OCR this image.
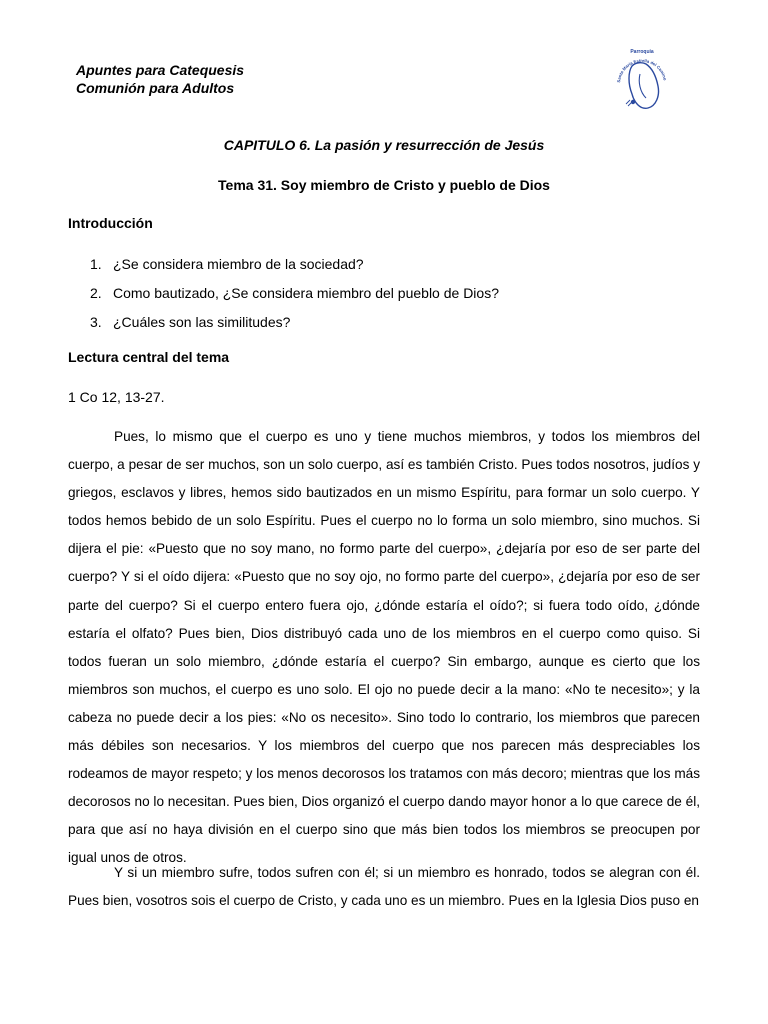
Apuntes para Catequesis
Comunión para Adultos
Parroquia
Santa María Estrella del Camino
CAPITULO 6. La pasión y resurrección de Jesús
Tema 31. Soy miembro de Cristo y pueblo de Dios
Introducción
1. ¿Se considera miembro de la sociedad?
2. Como bautizado, ¿Se considera miembro del pueblo de Dios?
3. ¿Cuáles son las similitudes?
Lectura central del tema
1 Co 12, 13-27.

Pues, lo mismo que el cuerpo es uno y tiene muchos miembros, y todos los miembros del cuerpo, a pesar de ser muchos, son un solo cuerpo, así es también Cristo. Pues todos nosotros, judíos y griegos, esclavos y libres, hemos sido bautizados en un mismo Espíritu, para formar un solo cuerpo. Y todos hemos bebido de un solo Espíritu. Pues el cuerpo no lo forma un solo miembro, sino muchos. Si dijera el pie: «Puesto que no soy mano, no formo parte del cuerpo», ¿dejaría por eso de ser parte del cuerpo? Y si el oído dijera: «Puesto que no soy ojo, no formo parte del cuerpo», ¿dejaría por eso de ser parte del cuerpo? Si el cuerpo entero fuera ojo, ¿dónde estaría el oído?; si fuera todo oído, ¿dónde estaría el olfato? Pues bien, Dios distribuyó cada uno de los miembros en el cuerpo como quiso. Si todos fueran un solo miembro, ¿dónde estaría el cuerpo? Sin embargo, aunque es cierto que los miembros son muchos, el cuerpo es uno solo. El ojo no puede decir a la mano: «No te necesito»; y la cabeza no puede decir a los pies: «No os necesito». Sino todo lo contrario, los miembros que parecen más débiles son necesarios. Y los miembros del cuerpo que nos parecen más despreciables los rodeamos de mayor respeto; y los menos decorosos los tratamos con más decoro; mientras que los más decorosos no lo necesitan. Pues bien, Dios organizó el cuerpo dando mayor honor a lo que carece de él, para que así no haya división en el cuerpo sino que más bien todos los miembros se preocupen por igual unos de otros.

Y si un miembro sufre, todos sufren con él; si un miembro es honrado, todos se alegran con él. Pues bien, vosotros sois el cuerpo de Cristo, y cada uno es un miembro. Pues en la Iglesia Dios puso en
